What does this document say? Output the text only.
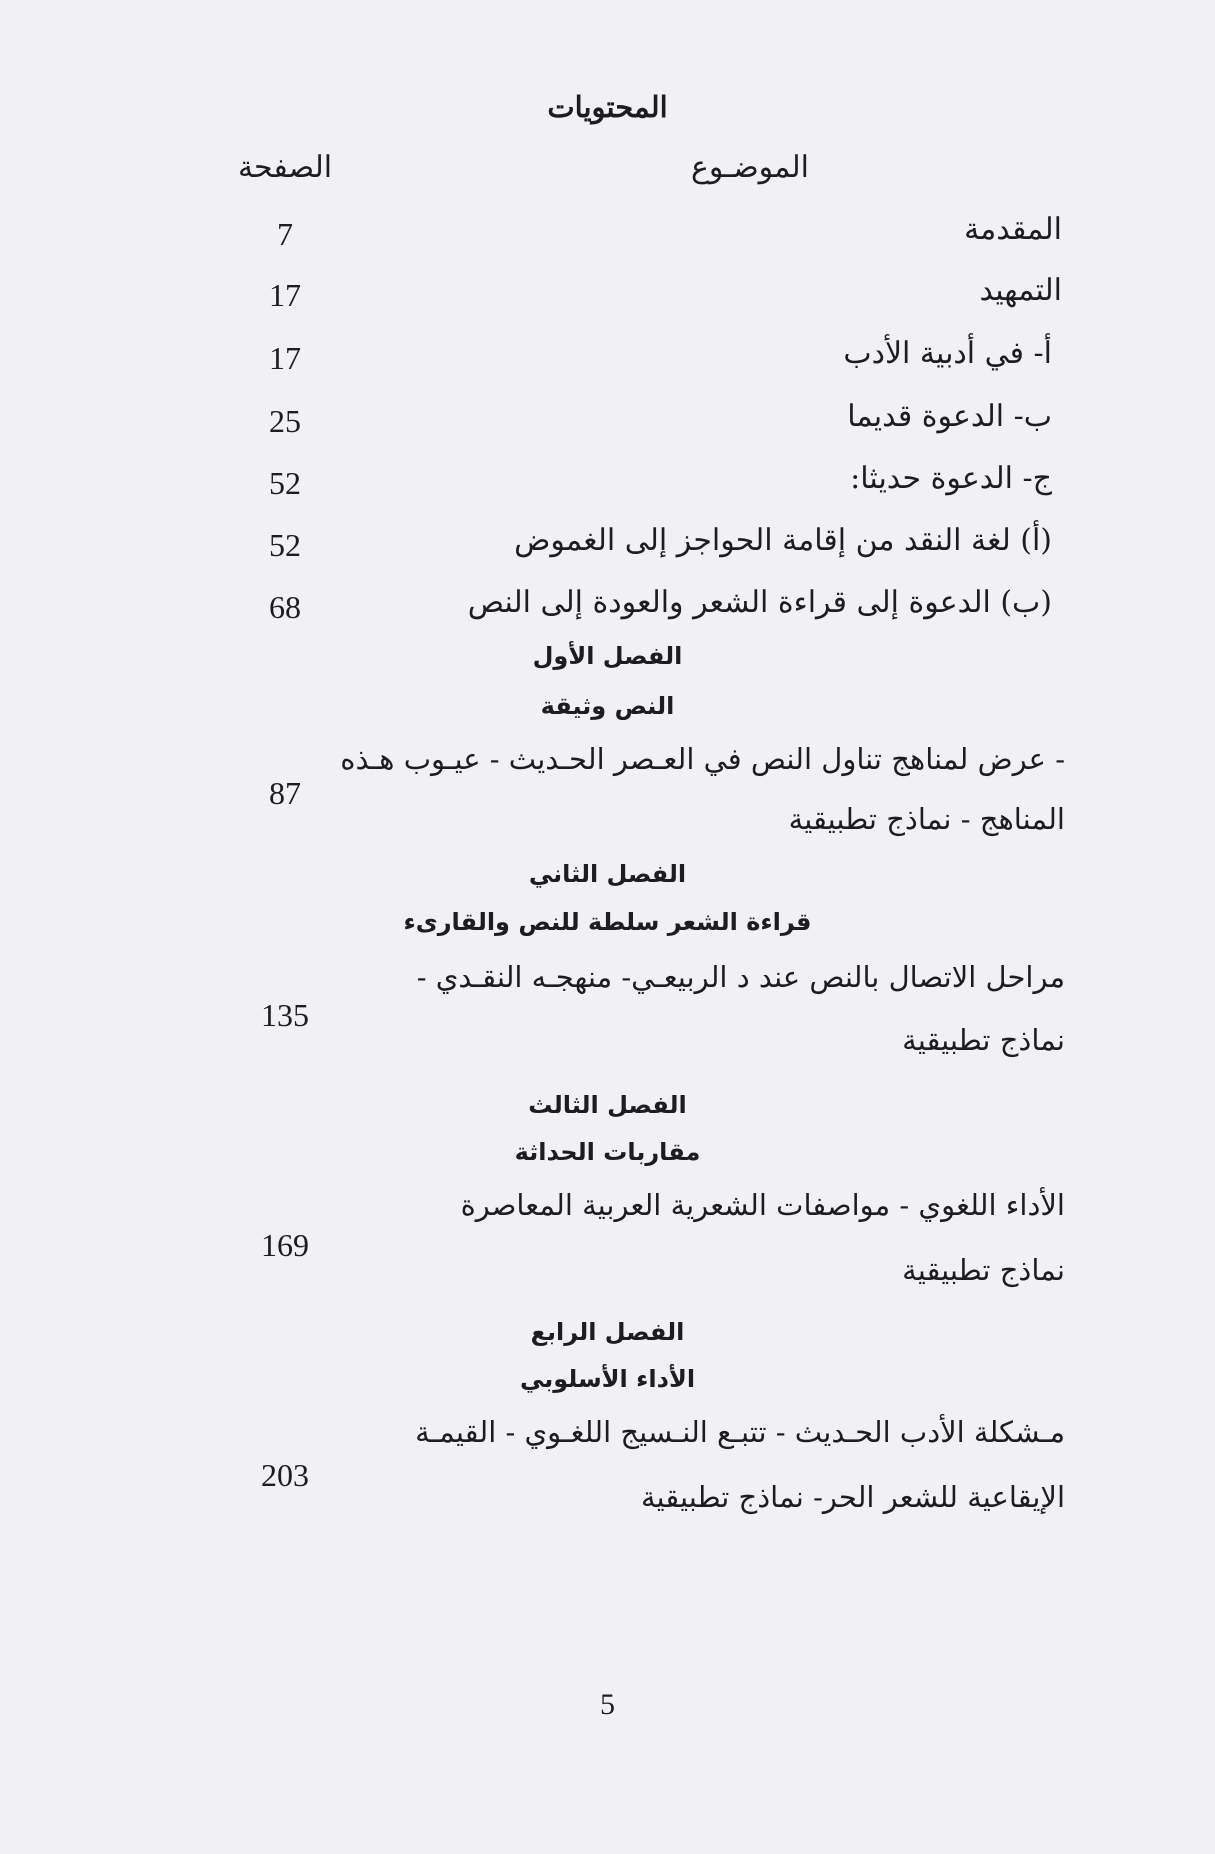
المحتويات
الموضـوع
الصفحة
المقدمة
7
التمهيد
17
أ- في أدبية الأدب
17
ب- الدعوة قديما
25
ج- الدعوة حديثا:
52
(أ) لغة النقد من إقامة الحواجز إلى الغموض
52
(ب) الدعوة إلى قراءة الشعر والعودة إلى النص
68
الفصل الأول
النص وثيقة
- عرض لمناهج تناول النص في العـصر الحـديث - عيـوب هـذه
المناهج - نماذج تطبيقية
87
الفصل الثاني
قراءة الشعر سلطة للنص والقارىء
مراحل الاتصال بالنص عند د الربيعـي- منهجـه النقـدي -
نماذج تطبيقية
135
الفصل الثالث
مقاربات الحداثة
الأداء اللغوي - مواصفات الشعرية العربية المعاصرة
نماذج تطبيقية
169
الفصل الرابع
الأداء الأسلوبي
مـشكلة الأدب الحـديث - تتبـع النـسيج اللغـوي - القيمـة
الإيقاعية للشعر الحر- نماذج تطبيقية
203
5
